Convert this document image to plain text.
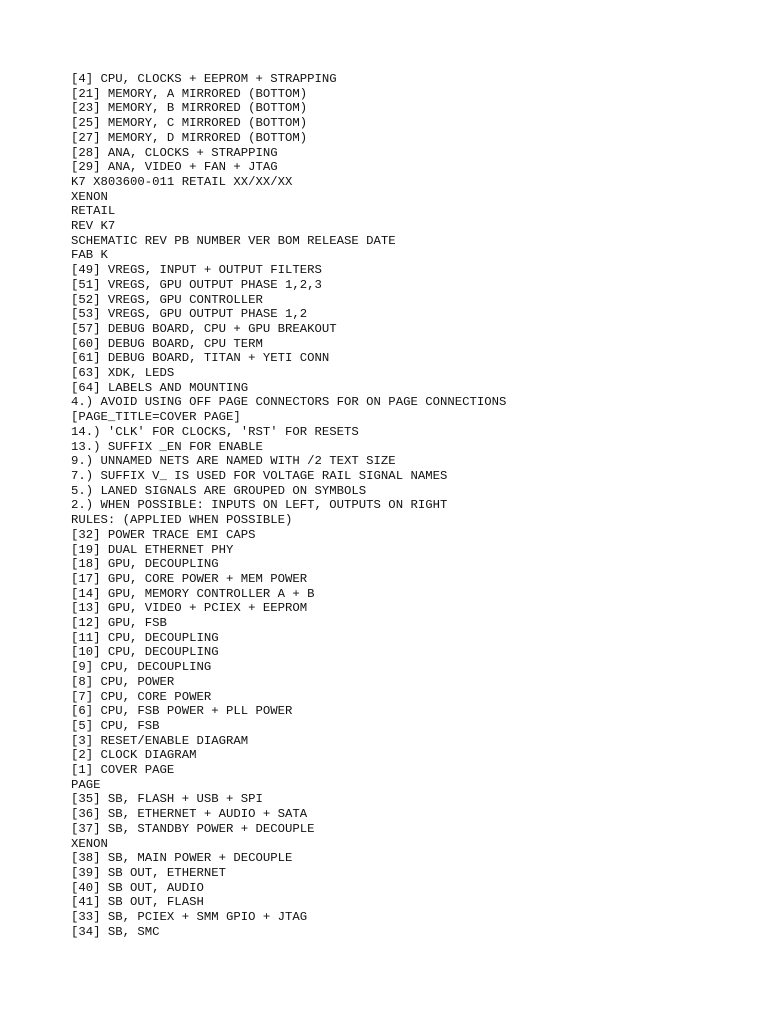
[4] CPU, CLOCKS + EEPROM + STRAPPING
[21] MEMORY, A MIRRORED (BOTTOM)
[23] MEMORY, B MIRRORED (BOTTOM)
[25] MEMORY, C MIRRORED (BOTTOM)
[27] MEMORY, D MIRRORED (BOTTOM)
[28] ANA, CLOCKS + STRAPPING
[29] ANA, VIDEO + FAN + JTAG
K7 X803600-011 RETAIL XX/XX/XX
XENON
RETAIL
REV K7
SCHEMATIC REV PB NUMBER VER BOM RELEASE DATE
FAB K
[49] VREGS, INPUT + OUTPUT FILTERS
[51] VREGS, GPU OUTPUT PHASE 1,2,3
[52] VREGS, GPU CONTROLLER
[53] VREGS, GPU OUTPUT PHASE 1,2
[57] DEBUG BOARD, CPU + GPU BREAKOUT
[60] DEBUG BOARD, CPU TERM
[61] DEBUG BOARD, TITAN + YETI CONN
[63] XDK, LEDS
[64] LABELS AND MOUNTING
4.) AVOID USING OFF PAGE CONNECTORS FOR ON PAGE CONNECTIONS
[PAGE_TITLE=COVER PAGE]
14.) 'CLK' FOR CLOCKS, 'RST' FOR RESETS
13.) SUFFIX _EN FOR ENABLE
9.) UNNAMED NETS ARE NAMED WITH /2 TEXT SIZE
7.) SUFFIX V_ IS USED FOR VOLTAGE RAIL SIGNAL NAMES
5.) LANED SIGNALS ARE GROUPED ON SYMBOLS
2.) WHEN POSSIBLE: INPUTS ON LEFT, OUTPUTS ON RIGHT
RULES: (APPLIED WHEN POSSIBLE)
[32] POWER TRACE EMI CAPS
[19] DUAL ETHERNET PHY
[18] GPU, DECOUPLING
[17] GPU, CORE POWER + MEM POWER
[14] GPU, MEMORY CONTROLLER A + B
[13] GPU, VIDEO + PCIEX + EEPROM
[12] GPU, FSB
[11] CPU, DECOUPLING
[10] CPU, DECOUPLING
[9] CPU, DECOUPLING
[8] CPU, POWER
[7] CPU, CORE POWER
[6] CPU, FSB POWER + PLL POWER
[5] CPU, FSB
[3] RESET/ENABLE DIAGRAM
[2] CLOCK DIAGRAM
[1] COVER PAGE
PAGE
[35] SB, FLASH + USB + SPI
[36] SB, ETHERNET + AUDIO + SATA
[37] SB, STANDBY POWER + DECOUPLE
XENON
[38] SB, MAIN POWER + DECOUPLE
[39] SB OUT, ETHERNET
[40] SB OUT, AUDIO
[41] SB OUT, FLASH
[33] SB, PCIEX + SMM GPIO + JTAG
[34] SB, SMC
